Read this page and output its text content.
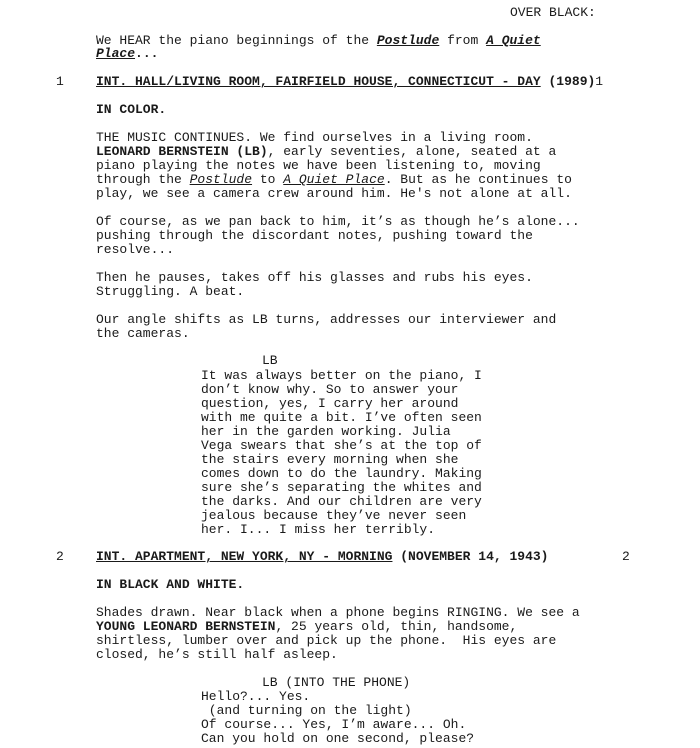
OVER BLACK:
We HEAR the piano beginnings of the Postlude from A Quiet
Place...
1 INT. HALL/LIVING ROOM, FAIRFIELD HOUSE, CONNECTICUT - DAY (1989)1
IN COLOR.
THE MUSIC CONTINUES. We find ourselves in a living room.
LEONARD BERNSTEIN (LB), early seventies, alone, seated at a
piano playing the notes we have been listening to, moving
through the Postlude to A Quiet Place. But as he continues to
play, we see a camera crew around him. He's not alone at all.
Of course, as we pan back to him, it’s as though he’s alone...
pushing through the discordant notes, pushing toward the
resolve...
Then he pauses, takes off his glasses and rubs his eyes.
Struggling. A beat.
Our angle shifts as LB turns, addresses our interviewer and
the cameras.
LB
It was always better on the piano, I
don’t know why. So to answer your
question, yes, I carry her around
with me quite a bit. I’ve often seen
her in the garden working. Julia
Vega swears that she’s at the top of
the stairs every morning when she
comes down to do the laundry. Making
sure she’s separating the whites and
the darks. And our children are very
jealous because they’ve never seen
her. I... I miss her terribly.
2 INT. APARTMENT, NEW YORK, NY - MORNING (NOVEMBER 14, 1943)	2
IN BLACK AND WHITE.
Shades drawn. Near black when a phone begins RINGING. We see a
YOUNG LEONARD BERNSTEIN, 25 years old, thin, handsome,
shirtless, lumber over and pick up the phone.  His eyes are
closed, he’s still half asleep.
LB (INTO THE PHONE)
Hello?... Yes.
(and turning on the light)
Of course... Yes, I’m aware... Oh.
Can you hold on one second, please?
